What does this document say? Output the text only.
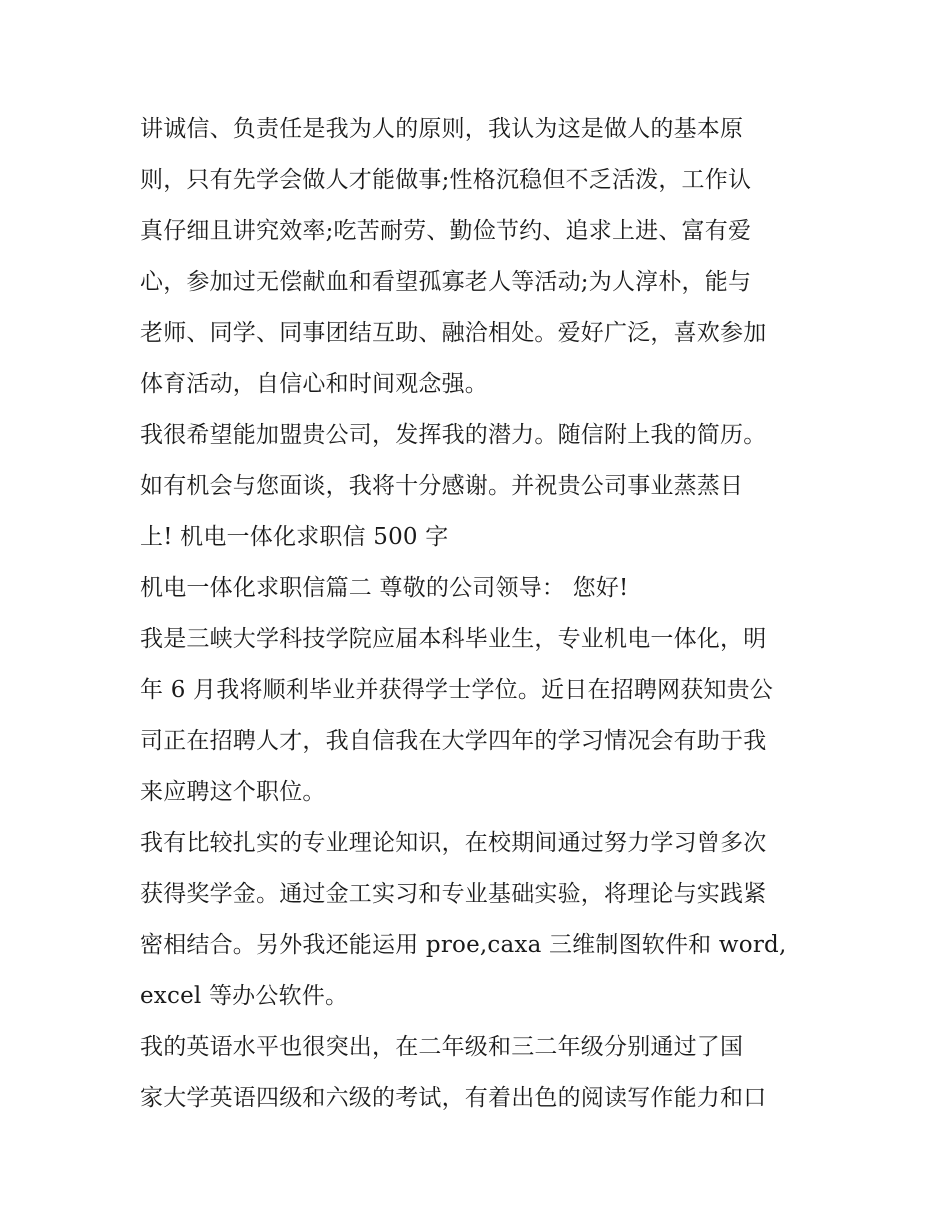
讲诚信、负责任是我为人的原则，我认为这是做人的基本原
则，只有先学会做人才能做事;性格沉稳但不乏活泼，工作认
真仔细且讲究效率;吃苦耐劳、勤俭节约、追求上进、富有爱
心，参加过无偿献血和看望孤寡老人等活动;为人淳朴，能与
老师、同学、同事团结互助、融洽相处。爱好广泛，喜欢参加
体育活动，自信心和时间观念强。
我很希望能加盟贵公司，发挥我的潜力。随信附上我的简历。
如有机会与您面谈，我将十分感谢。并祝贵公司事业蒸蒸日
上! 机电一体化求职信 500 字
机电一体化求职信篇二 尊敬的公司领导： 您好!
我是三峡大学科技学院应届本科毕业生，专业机电一体化，明
年 6 月我将顺利毕业并获得学士学位。近日在招聘网获知贵公
司正在招聘人才，我自信我在大学四年的学习情况会有助于我
来应聘这个职位。
我有比较扎实的专业理论知识，在校期间通过努力学习曾多次
获得奖学金。通过金工实习和专业基础实验，将理论与实践紧
密相结合。另外我还能运用 proe,caxa 三维制图软件和 word,
excel 等办公软件。
我的英语水平也很突出，在二年级和三二年级分别通过了国
家大学英语四级和六级的考试，有着出色的阅读写作能力和口
